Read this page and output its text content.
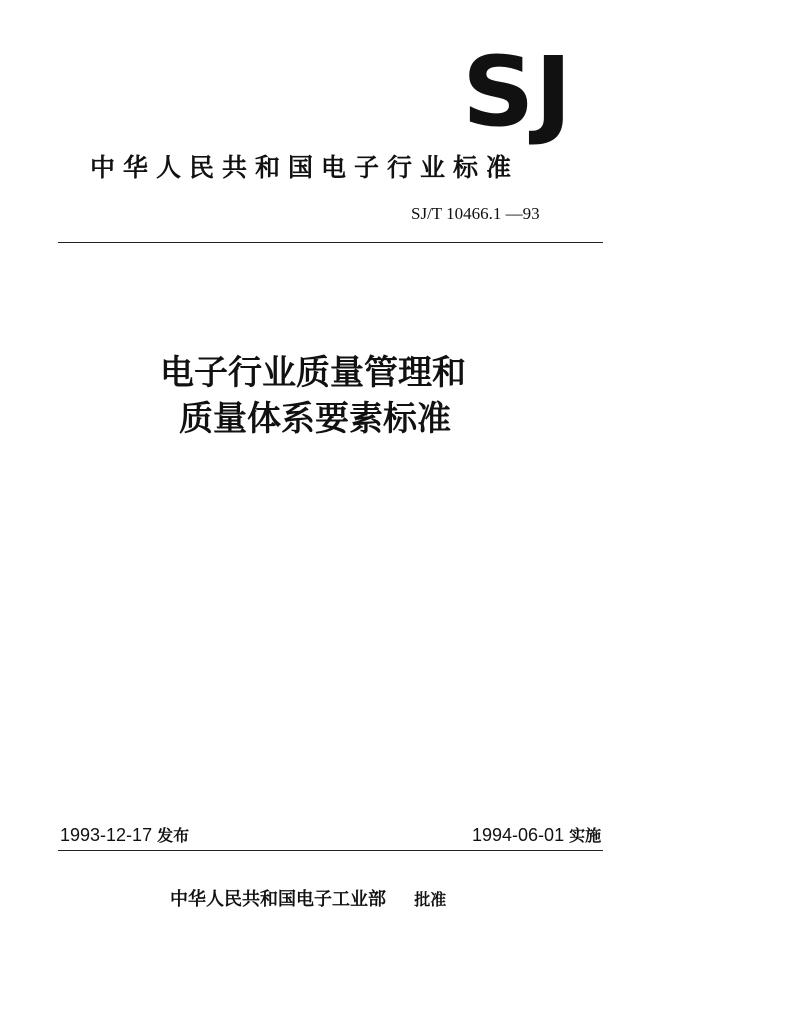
SJ
中华人民共和国电子行业标准
SJ/T 10466.1 —93
电子行业质量管理和
质量体系要素标准
1993-12-17 发布	1994-06-01 实施
中华人民共和国电子工业部 批准
